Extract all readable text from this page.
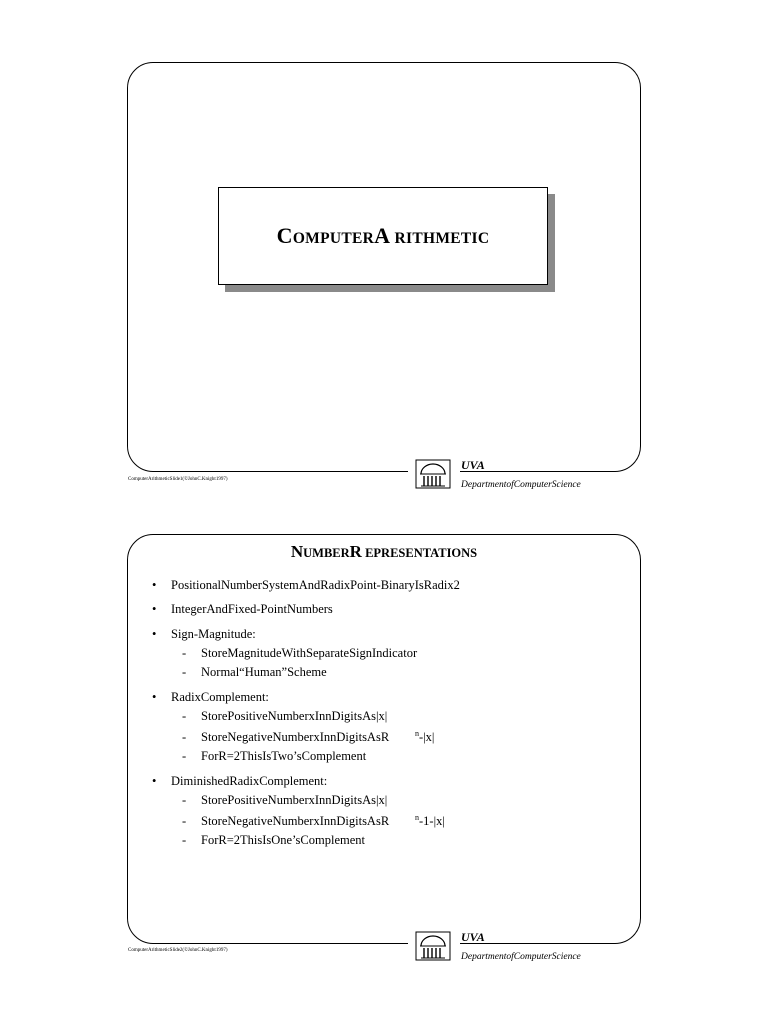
COMPUTERA RITHMETIC
ComputerArithmeticSlide1(©JohnC.Knight1997)
UVA
DepartmentofComputerScience
NUMBERR EPRESENTATIONS
• PositionalNumberSystemAndRadixPoint-BinaryIsRadix2
• IntegerAndFixed-PointNumbers
• Sign-Magnitude:
- StoreMagnitudeWithSeparateSignIndicator
- Normal“Human”Scheme
• RadixComplement:
- StorePositiveNumberxInnDigitsAs|x|
- StoreNegativeNumberxInnDigitsAsR	$^n$-|x|
- ForR=2ThisIsTwo’sComplement
• DiminishedRadixComplement:
- StorePositiveNumberxInnDigitsAs|x|
- StoreNegativeNumberxInnDigitsAsR	$^n$-1-|x|
- ForR=2ThisIsOne’sComplement
ComputerArithmeticSlide2(©JohnC.Knight1997)
UVA
DepartmentofComputerScience
